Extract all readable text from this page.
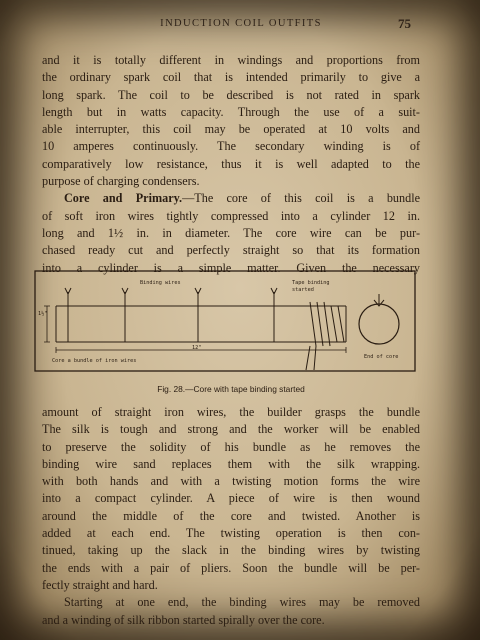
INDUCTION COIL OUTFITS	75
and it is totally different in windings and proportions from
the ordinary spark coil that is intended primarily to give a
long spark. The coil to be described is not rated in spark
length but in watts capacity. Through the use of a suit-
able interrupter, this coil may be operated at 10 volts and
10 amperes continuously. The secondary winding is of
comparatively low resistance, thus it is well adapted to the
purpose of charging condensers.
Core and Primary.—The core of this coil is a bundle
of soft iron wires tightly compressed into a cylinder 12 in.
long and 1½ in. in diameter. The core wire can be pur-
chased ready cut and perfectly straight so that its formation
into a cylinder is a simple matter. Given the necessary
Binding wires	Tape binding
started
1½"
12"
Core a bundle of iron wires
End of core
Fig. 28.—Core with tape binding started
amount of straight iron wires, the builder grasps the bundle
The silk is tough and strong and the worker will be enabled
to preserve the solidity of his bundle as he removes the
binding wire sand replaces them with the silk wrapping.
with both hands and with a twisting motion forms the wire
into a compact cylinder. A piece of wire is then wound
around the middle of the core and twisted. Another is
added at each end. The twisting operation is then con-
tinued, taking up the slack in the binding wires by twisting
the ends with a pair of pliers. Soon the bundle will be per-
fectly straight and hard.
Starting at one end, the binding wires may be removed
and a winding of silk ribbon started spirally over the core.
